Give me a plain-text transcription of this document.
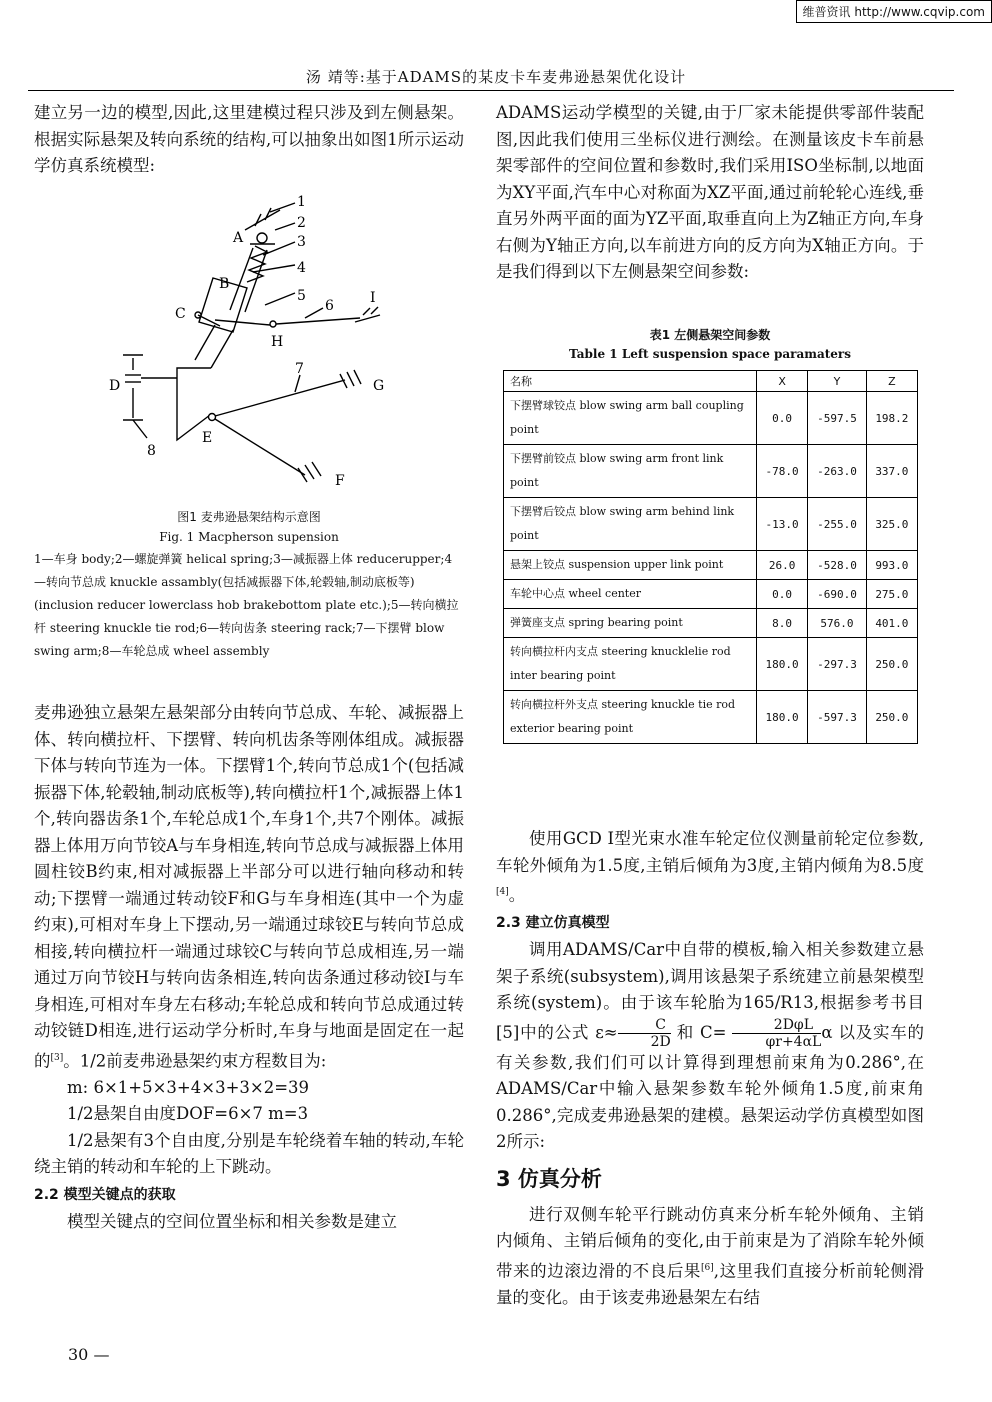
维普资讯 http://www.cqvip.com
汤 靖等:基于ADAMS的某皮卡车麦弗逊悬架优化设计

建立另一边的模型,因此,这里建模过程只涉及到左侧悬架。根据实际悬架及转向系统的结构,可以抽象出如图1所示运动学仿真系统模型:

A
B
C
D
E
F
G
H
1
2
3
4
5
6	I
7
8
图1 麦弗逊悬架结构示意图
Fig. 1 Macpherson supension
1—车身 body;2—螺旋弹簧 helical spring;3—减振器上体 reducerupper;4—转向节总成 knuckle assambly(包括减振器下体,轮毂轴,制动底板等)(inclusion reducer lowerclass hob brakebottom plate etc.);5—转向横拉杆 steering knuckle tie rod;6—转向齿条 steering rack;7—下摆臂 blow swing arm;8—车轮总成 wheel assembly

麦弗逊独立悬架左悬架部分由转向节总成、车轮、减振器上体、转向横拉杆、下摆臂、转向机齿条等刚体组成。减振器下体与转向节连为一体。下摆臂1个,转向节总成1个(包括减振器下体,轮毂轴,制动底板等),转向横拉杆1个,减振器上体1个,转向器齿条1个,车轮总成1个,车身1个,共7个刚体。减振器上体用万向节铰A与车身相连,转向节总成与减振器上体用圆柱铰B约束,相对减振器上半部分可以进行轴向移动和转动;下摆臂一端通过转动铰F和G与车身相连(其中一个为虚约束),可相对车身上下摆动,另一端通过球铰E与转向节总成相接,转向横拉杆一端通过球铰C与转向节总成相连,另一端通过万向节铰H与转向齿条相连,转向齿条通过移动铰I与车身相连,可相对车身左右移动;车轮总成和转向节总成通过转动铰链D相连,进行运动学分析时,车身与地面是固定在一起的[3]。1/2前麦弗逊悬架约束方程数目为:

m: 6×1+5×3+4×3+3×2=39

1/2悬架自由度DOF=6×7 m=3

1/2悬架有3个自由度,分别是车轮绕着车轴的转动,车轮绕主销的转动和车轮的上下跳动。

2.2 模型关键点的获取

模型关键点的空间位置坐标和相关参数是建立

30 —

ADAMS运动学模型的关键,由于厂家未能提供零部件装配图,因此我们使用三坐标仪进行测绘。在测量该皮卡车前悬架零部件的空间位置和参数时,我们采用ISO坐标制,以地面为XY平面,汽车中心对称面为XZ平面,通过前轮轮心连线,垂直另外两平面的面为YZ平面,取垂直向上为Z轴正方向,车身右侧为Y轴正方向,以车前进方向的反方向为X轴正方向。于是我们得到以下左侧悬架空间参数:

表1 左侧悬架空间参数
Table 1 Left suspension space paramaters
名称	X	Y	Z
下摆臂球铰点 blow swing arm ball coupling point	0.0	-597.5	198.2
下摆臂前铰点 blow swing arm front link point	-78.0	-263.0	337.0
下摆臂后铰点 blow swing arm behind link point	-13.0	-255.0	325.0
悬架上铰点 suspension upper link point	26.0	-528.0	993.0
车轮中心点 wheel center	0.0	-690.0	275.0
弹簧座支点 spring bearing point	8.0	576.0	401.0
转向横拉杆内支点 steering knucklelie rod inter bearing point	180.0	-297.3	250.0
转向横拉杆外支点 steering knuckle tie rod exterior bearing point	180.0	-597.3	250.0

使用GCD I型光束水准车轮定位仪测量前轮定位参数,车轮外倾角为1.5度,主销后倾角为3度,主销内倾角为8.5度[4]。

2.3 建立仿真模型

调用ADAMS/Car中自带的模板,输入相关参数建立悬架子系统(subsystem),调用该悬架子系统建立前悬架模型系统(system)。由于该车轮胎为165/R13,根据参考书目[5]中的公式 $\varepsilon\approx \frac{C}{2D}$ 和 $C= \frac{\text{2DφL}}{\varphi r+4\alpha L}$ α 以及实车的有关参数,我们们可以计算得到理想前束角为0.286°,在ADAMS/Car中输入悬架参数车轮外倾角1.5度,前束角0.286°,完成麦弗逊悬架的建模。悬架运动学仿真模型如图2所示:

3 仿真分析

进行双侧车轮平行跳动仿真来分析车轮外倾角、主销内倾角、主销后倾角的变化,由于前束是为了消除车轮外倾带来的边滚边滑的不良后果[6],这里我们直接分析前轮侧滑量的变化。由于该麦弗逊悬架左右结
